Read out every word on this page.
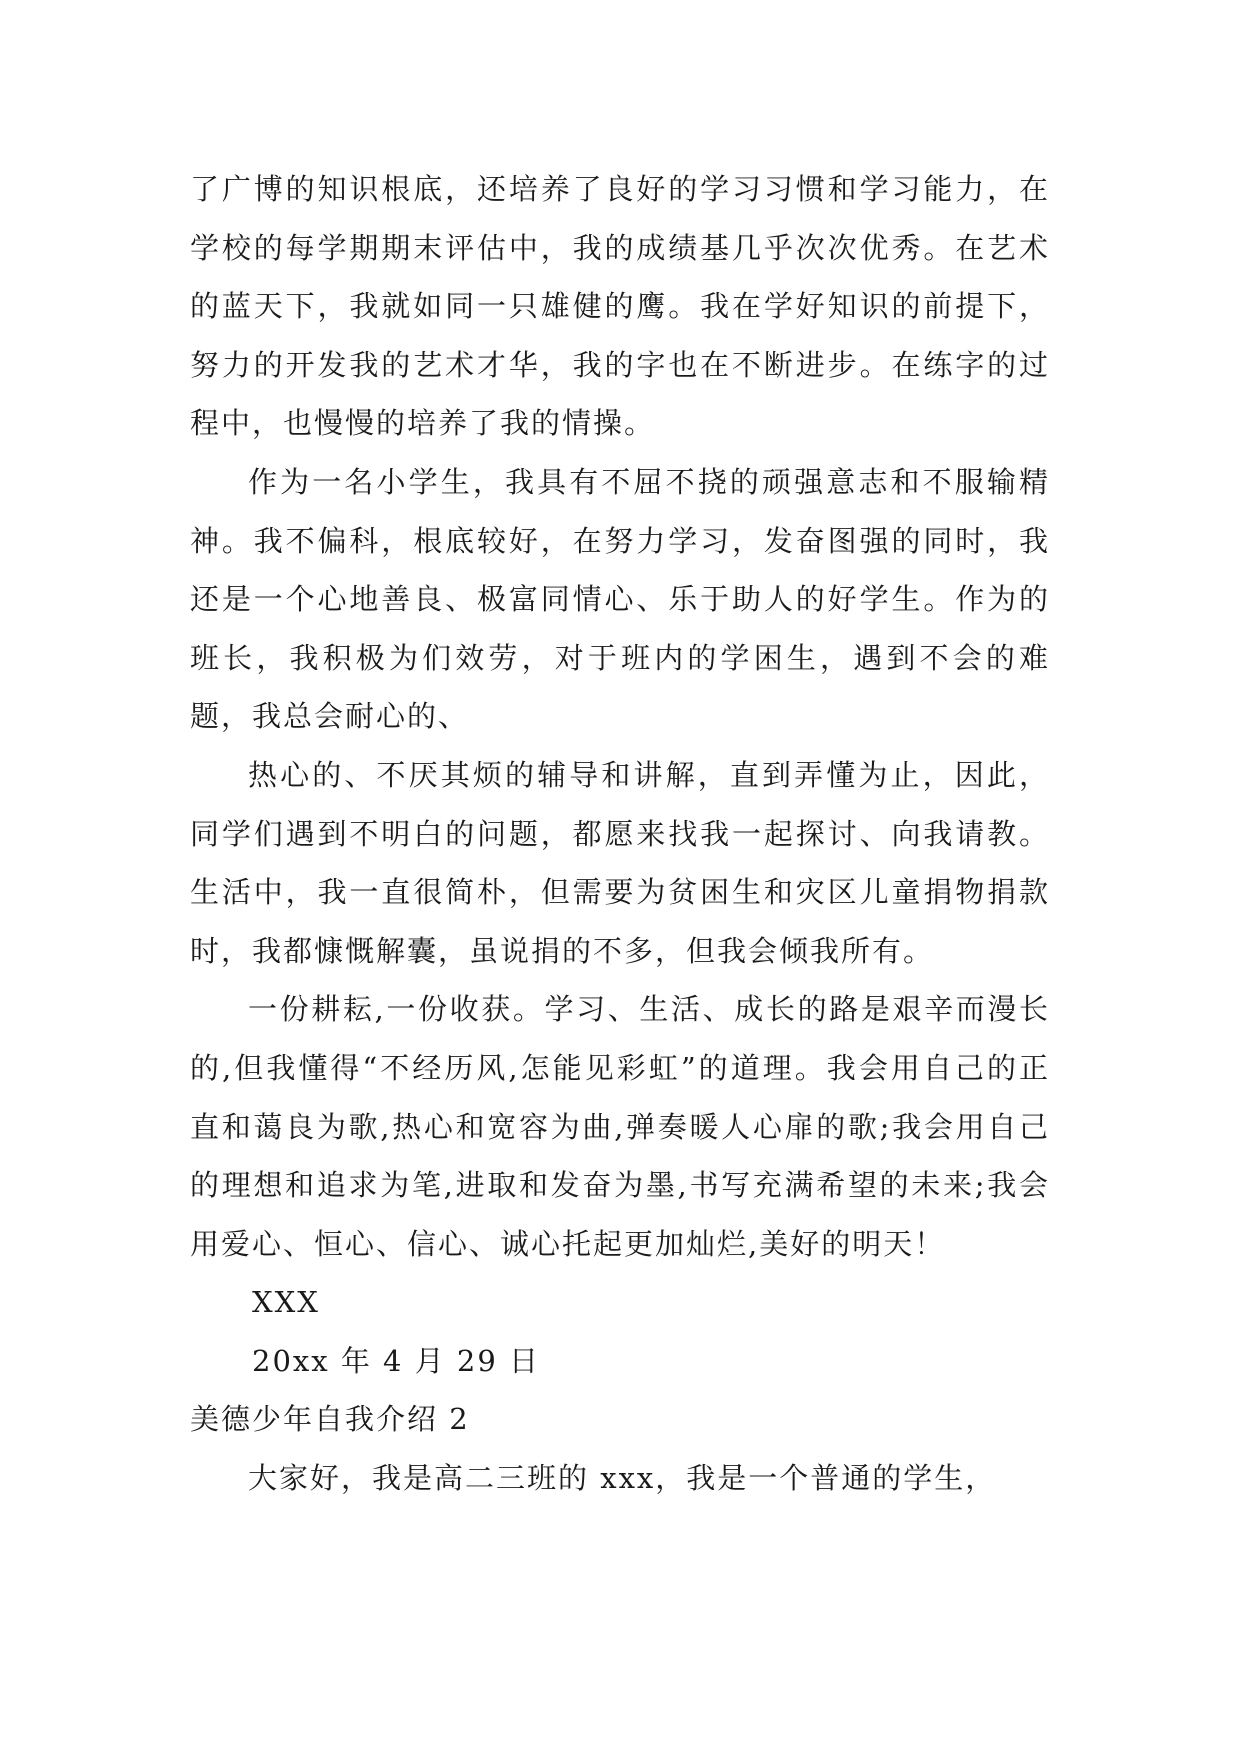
了广博的知识根底，还培养了良好的学习习惯和学习能力，在学校的每学期期末评估中，我的成绩基几乎次次优秀。在艺术的蓝天下，我就如同一只雄健的鹰。我在学好知识的前提下，努力的开发我的艺术才华，我的字也在不断进步。在练字的过程中，也慢慢的培养了我的情操。

作为一名小学生，我具有不屈不挠的顽强意志和不服输精神。我不偏科，根底较好，在努力学习，发奋图强的同时，我还是一个心地善良、极富同情心、乐于助人的好学生。作为的班长，我积极为们效劳，对于班内的学困生，遇到不会的难题，我总会耐心的、

热心的、不厌其烦的辅导和讲解，直到弄懂为止，因此，同学们遇到不明白的问题，都愿来找我一起探讨、向我请教。生活中，我一直很简朴，但需要为贫困生和灾区儿童捐物捐款时，我都慷慨解囊，虽说捐的不多，但我会倾我所有。

一份耕耘,一份收获。学习、生活、成长的路是艰辛而漫长的,但我懂得“不经历风,怎能见彩虹”的道理。我会用自己的正直和蔼良为歌,热心和宽容为曲,弹奏暖人心扉的歌;我会用自己的理想和追求为笔,进取和发奋为墨,书写充满希望的未来;我会用爱心、恒心、信心、诚心托起更加灿烂,美好的明天！

XXX

20xx 年 4 月 29 日

美德少年自我介绍 2

大家好，我是高二三班的 xxx，我是一个普通的学生，
